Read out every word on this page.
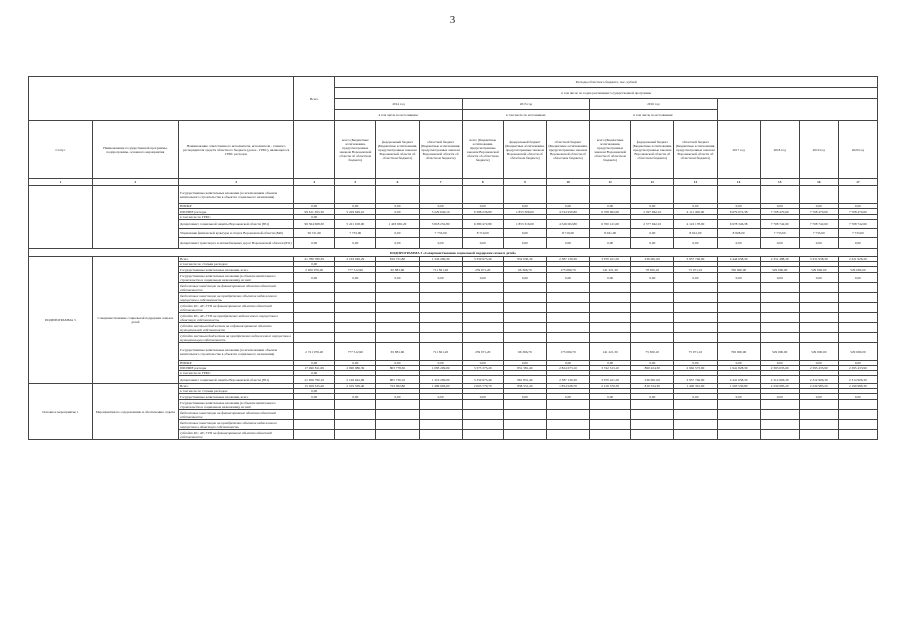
3
			Всего	Расходы областного бюджета, тыс. рублей												
				в том числе по годам реализации государственной программы												
				2014 год			2015 год			2016 год						
				в том числе по источникам:			в том числе по источникам:			в том числе по источникам:						
Статус	Наименование государственной программы, подпрограммы, основного мероприятия	Наименование ответственного исполнителя, исполнителя - главного распорядителя средств областного бюджета (далее - ГРБС), являющегося ГРБС расходов		всего (Бюджетные ассигнования, предусмотренные законом Воронежской области об областном бюджете)	федеральный бюджет (Бюджетные ассигнования, предусмотренные законом Воронежской области об областном бюджете)	областной бюджет (Бюджетные ассигнования, предусмотренные законом Воронежской области об областном бюджете)	всего (Бюджетные ассигнования, предусмотренные законом Воронежской области об областном бюджете)	федеральный бюджет (Бюджетные ассигнования, предусмотренные законом Воронежской области об областном бюджете)	областной бюджет (Бюджетные ассигнования, предусмотренные законом Воронежской области об областном бюджете)	всего (Бюджетные ассигнования, предусмотренные законом Воронежской области об областном бюджете)	федеральный бюджет (Бюджетные ассигнования, предусмотренные законом Воронежской области об областном бюджете)	областной бюджет (Бюджетные ассигнования, предусмотренные законом Воронежской области об областном бюджете)	2017 год	2018 год	2019 год	2020 год
1	2	3	4	5	6	7	8	9	10	11	12	13	14	15	16	17
		Государственные капитальные вложения (за исключением объемов капитального строительства в объектах социального назначения)														
		НИОКР	0,00	0,00	0,00	0,00	0,00	0,00	0,00	0,00	0,00	0,00	0,00	0,00	0,00	0,00
		ПРОЧИЕ расходы	99 611 395,30	5 229 649,10	0,00	5 229 649,10	6 388 236,80	1 853 306,00	4 534 930,80	6 708 062,00	2 597 662,10	4 111 400,00	6 979 672,38	7 708 470,60	7 708 470,60	7 708 470,60
		в том числе по ГРБС:	0,00													
		Департамент социальной защиты Воронежской области (851)	99 564 668,30	5 221 918,00	1 403 665,20	3 818 252,80	6 380 472,80	1 853 316,00	4 526 002,80	6 700 121,00	2 577 942,10	4 122 178,90	6 978 346,38	7 708 742,60	7 708 742,60	7 708 742,60
		Управление физической культуры и спорта Воронежской области (846)	36 721,00	7 733,00	0,00	7 733,00	8 719,00	0,00	8 719,00	8 941,00	0,00	8 941,00	8 828,00	7 733,00	7 733,00	7 733,00
		Департамент транспорта и автомобильных дорог Воронежской области (831)	0,00	0,00	0,00	0,00	0,00	0,00	0,00	0,00	0,00	0,00	0,00	0,00	0,00	0,00
ПОДПРОГРАММА 3 «Совершенствование социальной поддержки семьи и детей»																
ПОДПРОГРАММА 3	Совершенствование социальной поддержки семьи и детей	Всего	21 786 780,39	2 163 049,29	819 731,80	1 343 290,30	3 359 975,40	932 030,30	2 387 139,30	3 970 221,50	236 061,00	3 957 746,90	2 444 638,30	2 331 488,30	3 331 938,30	2 221 926,20
		в том числе по статьям расходов:	0,00													
		Государственные капитальные вложения, всего	2 650 976,20	777 512,90	65 881,60	711 821,20	259 971,20	66 366,70	173 069,70	141 221,30	78 650,10	75 971,10	700 000,00	529 000,00	529 000,00	529 000,00
		Государственные капитальные вложения (в объекты капитального строительства в социальном назначении), из них:	0,00	0,00	0,00	0,00	0,00	0,00	0,00	0,00	0,00	0,00	0,00	0,00	0,00	0,00
		бюджетные инвестиции на финансирование объектов областной собственности														
		бюджетные инвестиции на приобретение объектов недвижимого имущества в собственность														
		субсидии КС, АУ, ГУП на финансирование объектов областной собственности														
		субсидии КС, АУ, ГУП на приобретение недвижимого имущества в областную собственность														
		субсидии местным бюджетам на софинансирование объектов муниципальной собственности														
		субсидии местным бюджетам на приобретение недвижимого имущества в муниципальную собственность														
		Государственные капитальные вложения (за исключением объемов капитального строительства в объектах социального назначения)	2 721 976,20	777 512,90	65 881,60	711 821,20	239 971,20	66 366,70	173 069,70	141 221,30	75 650,10	75 971,10	700 000,00	529 000,00	529 000,00	529 000,00
		НИОКР	0,00	0,00	0,00	0,00	0,00	0,00	0,00	0,00	0,00	0,00	0,00	0,00	0,00	0,00
		ПРОЧИЕ расходы	17 490 811,69	2 090 986,39	803 778,30	1 083 209,09	3 373 373,20	831 381,40	2 824 073,10	3 742 313,10	890 224,30	2 962 573,90	1 941 828,30	2 393 635,60	2 395 433,90	2 395 433,90
		в том числе по ГРБС:	0,00													
		Департамент социальной защиты Воронежской области (851)	21 656 790,19	2 126 042,09	805 730,10	1 319 290,09	3 359 975,40	981 831,40	2 387 139,30	3 970 221,50	236 061,00	3 957 746,90	2 441 638,30	2 314 906,30	2 314 906,30	2 314 906,30
Основное мероприятие 1	Мероприятия по оздоровлению и обеспечению отдыха	Всего	15 029 325,20	2 105 509,40	723 062,80	1 489 906,60	2 003 779,70	838 331,20	1 854 028,70	2 216 376,30	810 534,30	1 400 391,00	1 563 539,80	2 239 985,20	2 239 985,20	2 199 986,30
		в том числе по статьям расходов:	0,00													
		Государственные капитальные вложения, всего	0,00	0,00	0,00	0,00	0,00	0,00	0,00	0,00	0,00	0,00	0,00	0,00	0,00	0,00
		Государственные капитальные вложения (в объекты капитального строительства в социальном назначении), из них:														
		бюджетные инвестиции на финансирование объектов областной собственности														
		бюджетные инвестиции на приобретение объектов недвижимого имущества в областную собственность														
		субсидии КС, АУ, ГУП на финансирование объектов областной собственности														
